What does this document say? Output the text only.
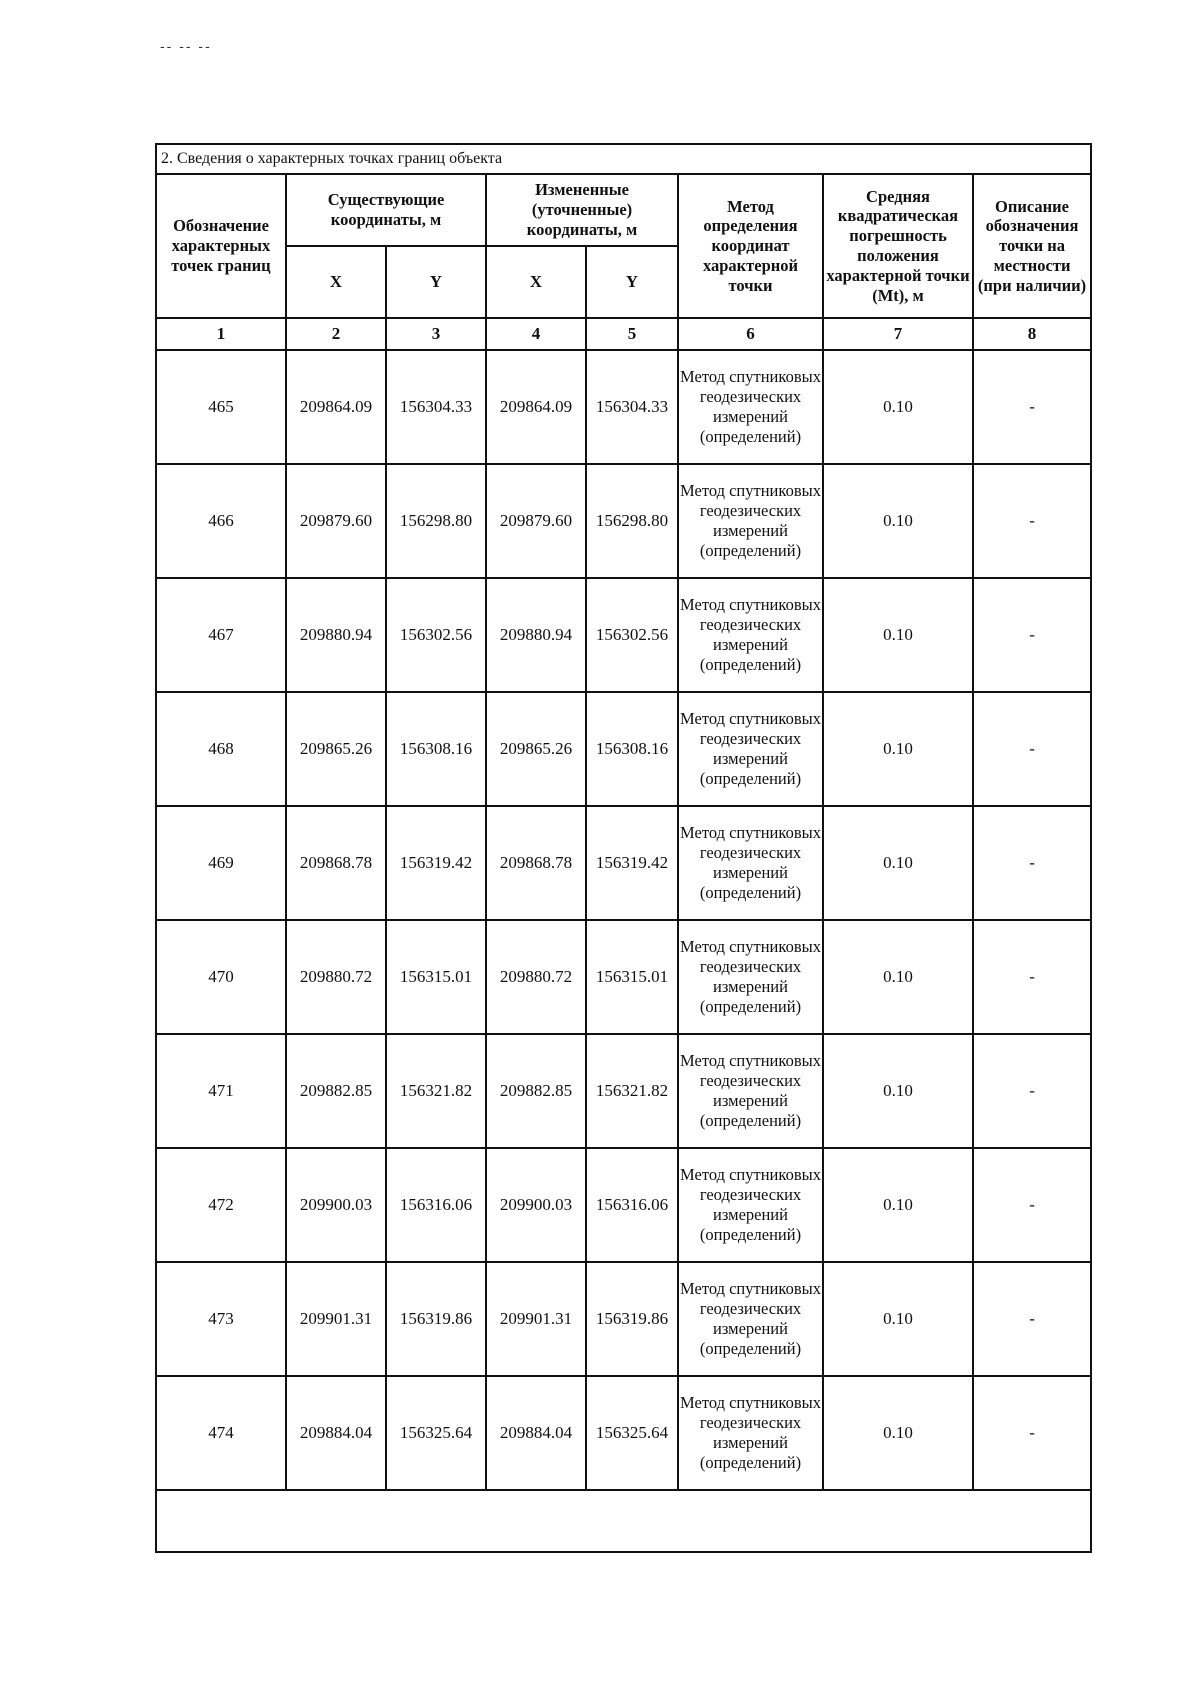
-- -- --
2. Сведения о характерных точках границ объекта							
Обозначение характерных точек границ	Существующие координаты, м		Измененные (уточненные) координаты, м		Метод определения координат характерной точки	Средняя квадратическая погрешность положения характерной точки (Mt), м	Описание обозначения точки на местности (при наличии)
	X	Y	X	Y			
1	2	3	4	5	6	7	8
465	209864.09	156304.33	209864.09	156304.33	Метод спутниковых геодезических измерений (определений)	0.10	-
466	209879.60	156298.80	209879.60	156298.80	Метод спутниковых геодезических измерений (определений)	0.10	-
467	209880.94	156302.56	209880.94	156302.56	Метод спутниковых геодезических измерений (определений)	0.10	-
468	209865.26	156308.16	209865.26	156308.16	Метод спутниковых геодезических измерений (определений)	0.10	-
469	209868.78	156319.42	209868.78	156319.42	Метод спутниковых геодезических измерений (определений)	0.10	-
470	209880.72	156315.01	209880.72	156315.01	Метод спутниковых геодезических измерений (определений)	0.10	-
471	209882.85	156321.82	209882.85	156321.82	Метод спутниковых геодезических измерений (определений)	0.10	-
472	209900.03	156316.06	209900.03	156316.06	Метод спутниковых геодезических измерений (определений)	0.10	-
473	209901.31	156319.86	209901.31	156319.86	Метод спутниковых геодезических измерений (определений)	0.10	-
474	209884.04	156325.64	209884.04	156325.64	Метод спутниковых геодезических измерений (определений)	0.10	-
